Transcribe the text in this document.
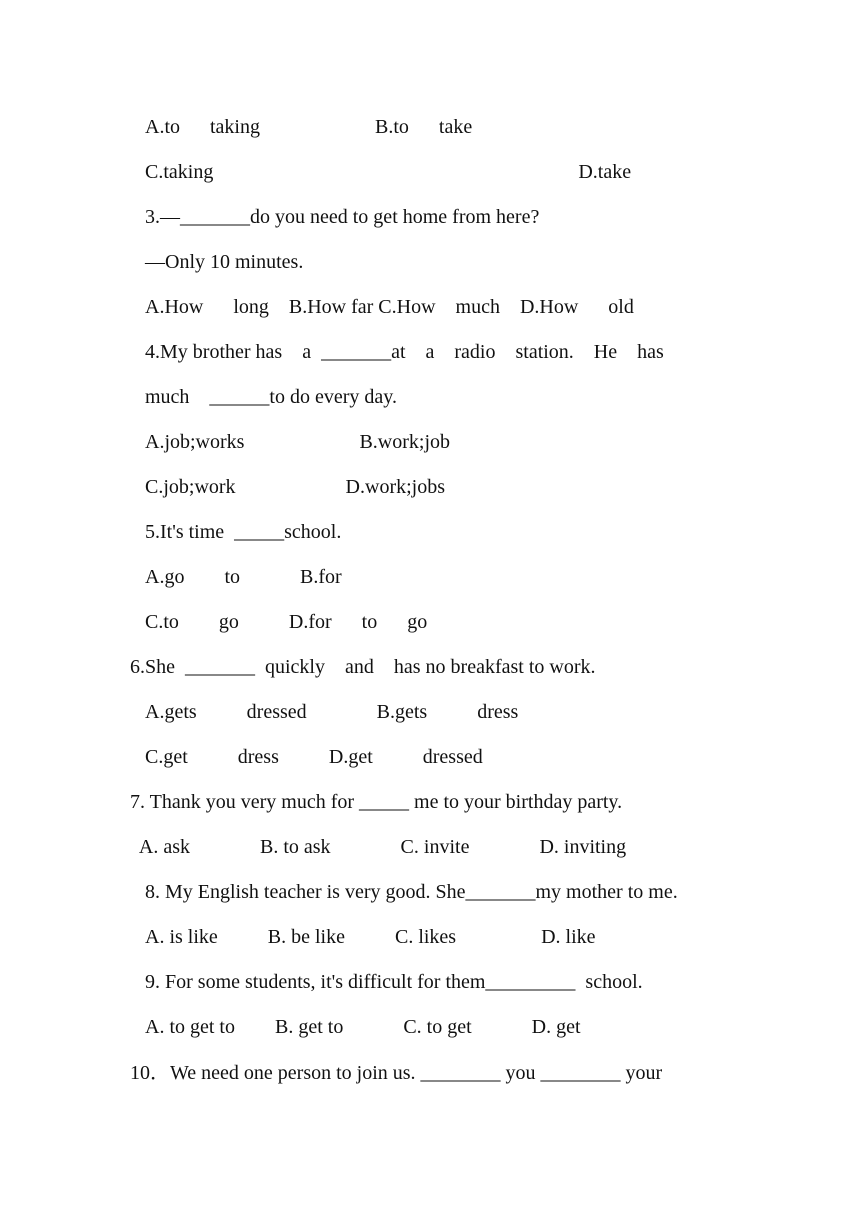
A.to      taking                       B.to      take
C.taking                                                                         D.take
3.—_______do you need to get home from here?
—Only 10 minutes.
A.How      long    B.How far C.How    much    D.How      old
4.My brother has    a  _______at    a    radio    station.    He    has
much    ______to do every day.
A.job;works                       B.work;job
C.job;work                      D.work;jobs
5.It's time  _____school.
A.go        to            B.for
C.to        go          D.for      to      go
6.She  _______  quickly    and    has no breakfast to work.
A.gets          dressed              B.gets          dress
C.get          dress          D.get          dressed
7. Thank you very much for _____ me to your birthday party.
A. ask              B. to ask              C. invite              D. inviting
8. My English teacher is very good. She_______my mother to me.
A. is like          B. be like          C. likes                 D. like
9. For some students, it's difficult for them_________  school.
A. to get to        B. get to            C. to get            D. get
10．We need one person to join us. ________ you ________ your
